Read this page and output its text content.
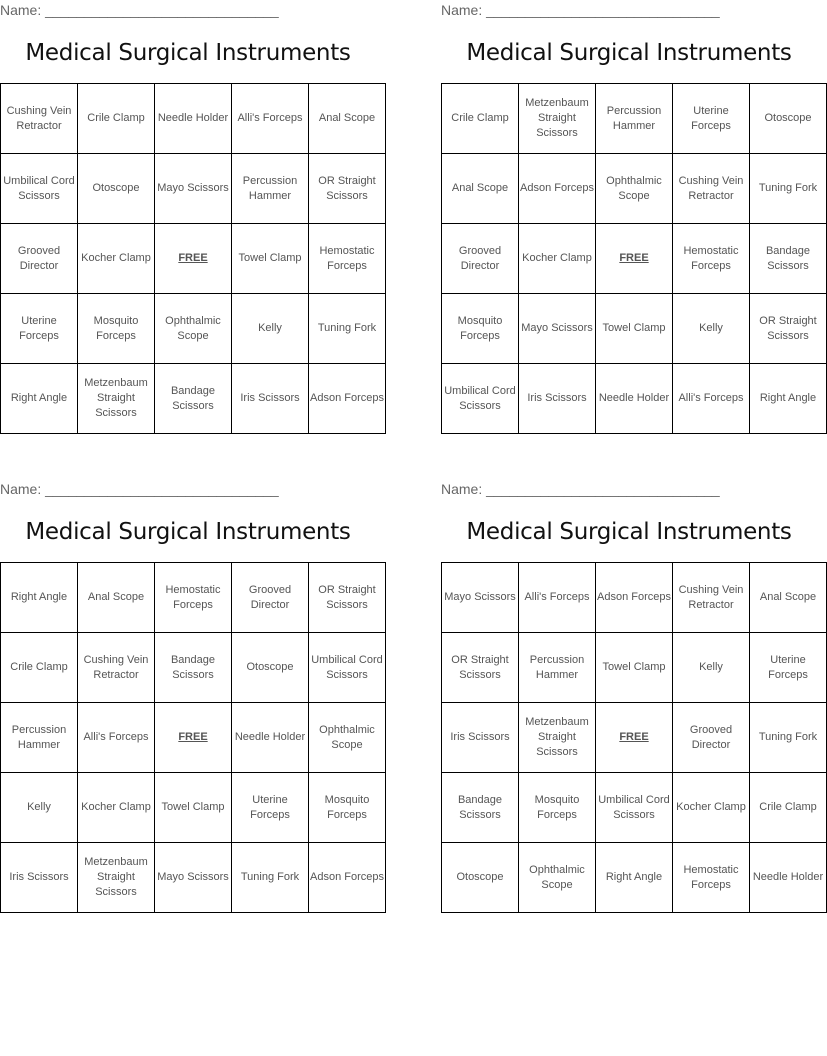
Name: ______________________________
Medical Surgical Instruments
Cushing Vein Retractor	Crile Clamp	Needle Holder	Alli's Forceps	Anal Scope
Umbilical Cord Scissors	Otoscope	Mayo Scissors	Percussion Hammer	OR Straight Scissors
Grooved Director	Kocher Clamp	FREE	Towel Clamp	Hemostatic Forceps
Uterine Forceps	Mosquito Forceps	Ophthalmic Scope	Kelly	Tuning Fork
Right Angle	Metzenbaum Straight Scissors	Bandage Scissors	Iris Scissors	Adson Forceps
Name: ______________________________
Medical Surgical Instruments
Crile Clamp	Metzenbaum Straight Scissors	Percussion Hammer	Uterine Forceps	Otoscope
Anal Scope	Adson Forceps	Ophthalmic Scope	Cushing Vein Retractor	Tuning Fork
Grooved Director	Kocher Clamp	FREE	Hemostatic Forceps	Bandage Scissors
Mosquito Forceps	Mayo Scissors	Towel Clamp	Kelly	OR Straight Scissors
Umbilical Cord Scissors	Iris Scissors	Needle Holder	Alli's Forceps	Right Angle
Name: ______________________________
Medical Surgical Instruments
Right Angle	Anal Scope	Hemostatic Forceps	Grooved Director	OR Straight Scissors
Crile Clamp	Cushing Vein Retractor	Bandage Scissors	Otoscope	Umbilical Cord Scissors
Percussion Hammer	Alli's Forceps	FREE	Needle Holder	Ophthalmic Scope
Kelly	Kocher Clamp	Towel Clamp	Uterine Forceps	Mosquito Forceps
Iris Scissors	Metzenbaum Straight Scissors	Mayo Scissors	Tuning Fork	Adson Forceps
Name: ______________________________
Medical Surgical Instruments
Mayo Scissors	Alli's Forceps	Adson Forceps	Cushing Vein Retractor	Anal Scope
OR Straight Scissors	Percussion Hammer	Towel Clamp	Kelly	Uterine Forceps
Iris Scissors	Metzenbaum Straight Scissors	FREE	Grooved Director	Tuning Fork
Bandage Scissors	Mosquito Forceps	Umbilical Cord Scissors	Kocher Clamp	Crile Clamp
Otoscope	Ophthalmic Scope	Right Angle	Hemostatic Forceps	Needle Holder
